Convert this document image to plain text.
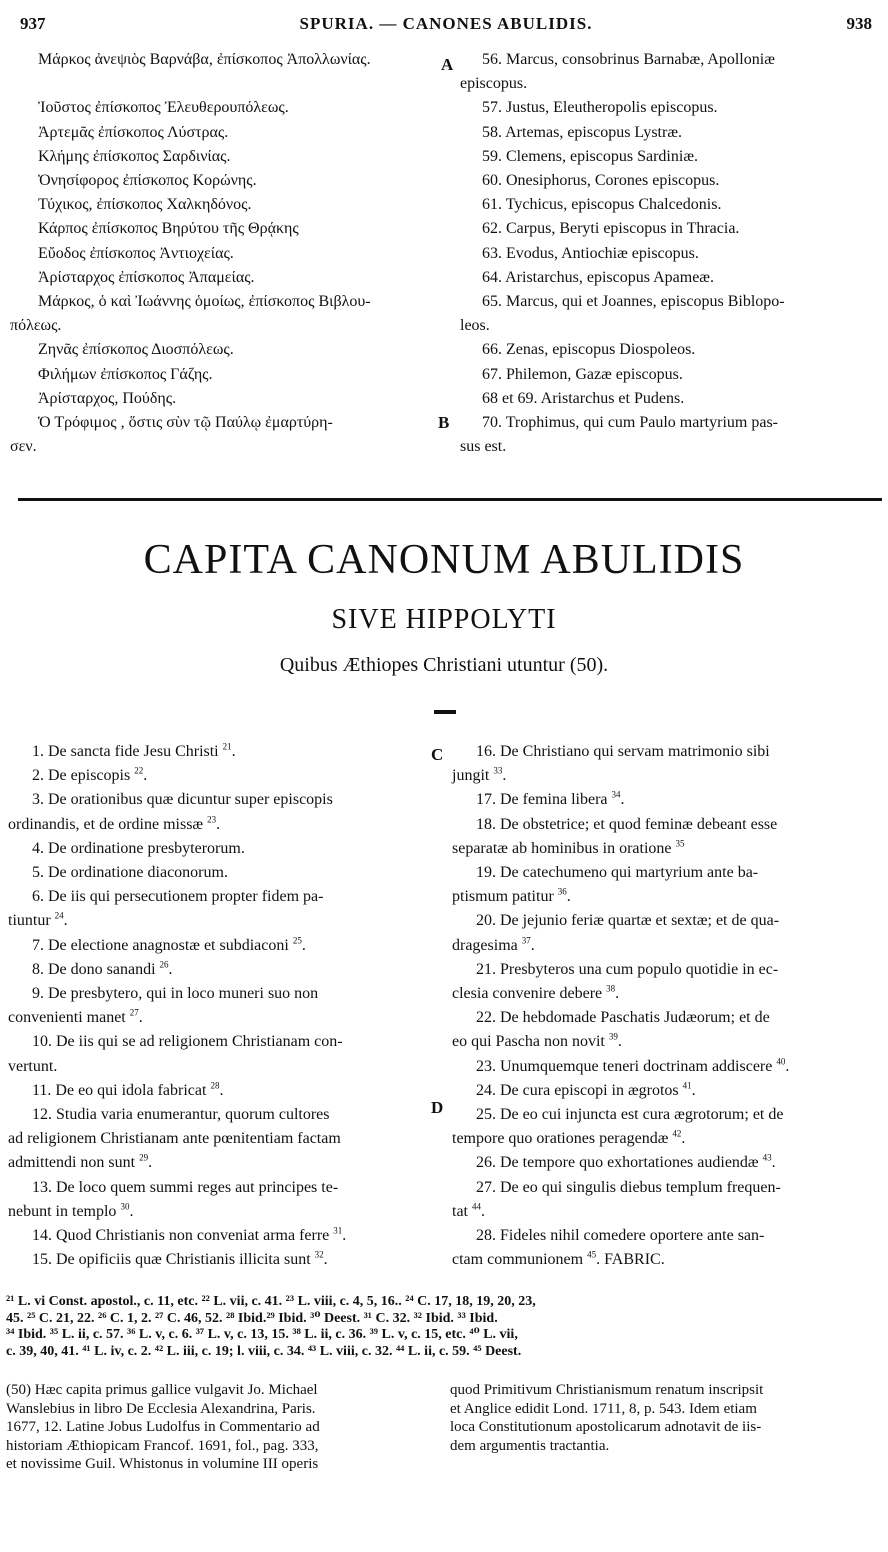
937	SPURIA. — CANONES ABULIDIS.	938
Μάρκος ἀνεψιὸς Βαρνάβα, ἐπίσκοπος Ἀπολλωνίας.

Ἰοῦστος ἐπίσκοπος Ἐλευθερουπόλεως.
Ἀρτεμᾶς ἐπίσκοπος Λύστρας.
Κλήμης ἐπίσκοπος Σαρδινίας.
Ὀνησίφορος ἐπίσκοπος Κορώνης.
Τύχικος, ἐπίσκοπος Χαλκηδόνος.
Κάρπος ἐπίσκοπος Βηρύτου τῆς Θρᾴκης
Εὔοδος ἐπίσκοπος Ἀντιοχείας.
Ἀρίσταρχος ἐπίσκοπος Ἀπαμείας.
Μάρκος, ὁ καὶ Ἰωάννης ὁμοίως, ἐπίσκοπος Βιβλου-
πόλεως.
Ζηνᾶς ἐπίσκοπος Διοσπόλεως.
Φιλήμων ἐπίσκοπος Γάζης.
Ἀρίσταρχος, Πούδης.
Ὁ Τρόφιμος , ὅστις σὺν τῷ Παύλῳ ἐμαρτύρη-
σεν.
56. Marcus, consobrinus Barnabæ, Apolloniæ
episcopus.
57. Justus, Eleutheropolis episcopus.
58. Artemas, episcopus Lystræ.
59. Clemens, episcopus Sardiniæ.
60. Onesiphorus, Corones episcopus.
61. Tychicus, episcopus Chalcedonis.
62. Carpus, Beryti episcopus in Thracia.
63. Evodus, Antiochiæ episcopus.
64. Aristarchus, episcopus Apameæ.
65. Marcus, qui et Joannes, episcopus Biblopo-
leos.
66. Zenas, episcopus Diospoleos.
67. Philemon, Gazæ episcopus.
68 et 69. Aristarchus et Pudens.
70. Trophimus, qui cum Paulo martyrium pas-
sus est.
A
B
C
D
CAPITA CANONUM ABULIDIS
SIVE HIPPOLYTI
Quibus Æthiopes Christiani utuntur (50).
1. De sancta fide Jesu Christi $^{21}$.
2. De episcopis $^{22}$.
3. De orationibus quæ dicuntur super episcopis
ordinandis, et de ordine missæ $^{23}$.
4. De ordinatione presbyterorum.
5. De ordinatione diaconorum.
6. De iis qui persecutionem propter fidem pa-
tiuntur $^{24}$.
7. De electione anagnostæ et subdiaconi $^{25}$.
8. De dono sanandi $^{26}$.
9. De presbytero, qui in loco muneri suo non
convenienti manet $^{27}$.
10. De iis qui se ad religionem Christianam con-
vertunt.
11. De eo qui idola fabricat $^{28}$.
12. Studia varia enumerantur, quorum cultores
ad religionem Christianam ante pœnitentiam factam
admittendi non sunt $^{29}$.
13. De loco quem summi reges aut principes te-
nebunt in templo $^{30}$.
14. Quod Christianis non conveniat arma ferre $^{31}$.
15. De opificiis quæ Christianis illicita sunt $^{32}$.
16. De Christiano qui servam matrimonio sibi
jungit $^{33}$.
17. De femina libera $^{34}$.
18. De obstetrice; et quod feminæ debeant esse
separatæ ab hominibus in oratione $^{35}$
19. De catechumeno qui martyrium ante ba-
ptismum patitur $^{36}$.
20. De jejunio feriæ quartæ et sextæ; et de qua-
dragesima $^{37}$.
21. Presbyteros una cum populo quotidie in ec-
clesia convenire debere $^{38}$.
22. De hebdomade Paschatis Judæorum; et de
eo qui Pascha non novit $^{39}$.
23. Unumquemque teneri doctrinam addiscere $^{40}$.
24. De cura episcopi in ægrotos $^{41}$.
25. De eo cui injuncta est cura ægrotorum; et de
tempore quo orationes peragendæ $^{42}$.
26. De tempore quo exhortationes audiendæ $^{43}$.
27. De eo qui singulis diebus templum frequen-
tat $^{44}$.
28. Fideles nihil comedere oportere ante san-
ctam communionem $^{45}$. FABRIC.
²¹ L. vi Const. apostol., c. 11, etc. ²² L. vii, c. 41. ²³ L. viii, c. 4, 5, 16.. ²⁴ C. 17, 18, 19, 20, 23,
45. ²⁵ C. 21, 22. ²⁶ C. 1, 2. ²⁷ C. 46, 52. ²⁸ Ibid.²⁹ Ibid. ³⁰ Deest. ³¹ C. 32. ³² Ibid. ³³ Ibid.
³⁴ Ibid. ³⁵ L. ii, c. 57. ³⁶ L. v, c. 6. ³⁷ L. v, c. 13, 15. ³⁸ L. ii, c. 36. ³⁹ L. v, c. 15, etc. ⁴⁰ L. vii,
c. 39, 40, 41. ⁴¹ L. iv, c. 2. ⁴² L. iii, c. 19; l. viii, c. 34. ⁴³ L. viii, c. 32. ⁴⁴ L. ii, c. 59. ⁴⁵ Deest.
(50) Hæc capita primus gallice vulgavit Jo. Michael
Wanslebius in libro De Ecclesia Alexandrina, Paris.
1677, 12. Latine Jobus Ludolfus in Commentario ad
historiam Æthiopicam Francof. 1691, fol., pag. 333,
et novissime Guil. Whistonus in volumine III operis
quod Primitivum Christianismum renatum inscripsit
et Anglice edidit Lond. 1711, 8, p. 543. Idem etiam
loca Constitutionum apostolicarum adnotavit de iis-
dem argumentis tractantia.
